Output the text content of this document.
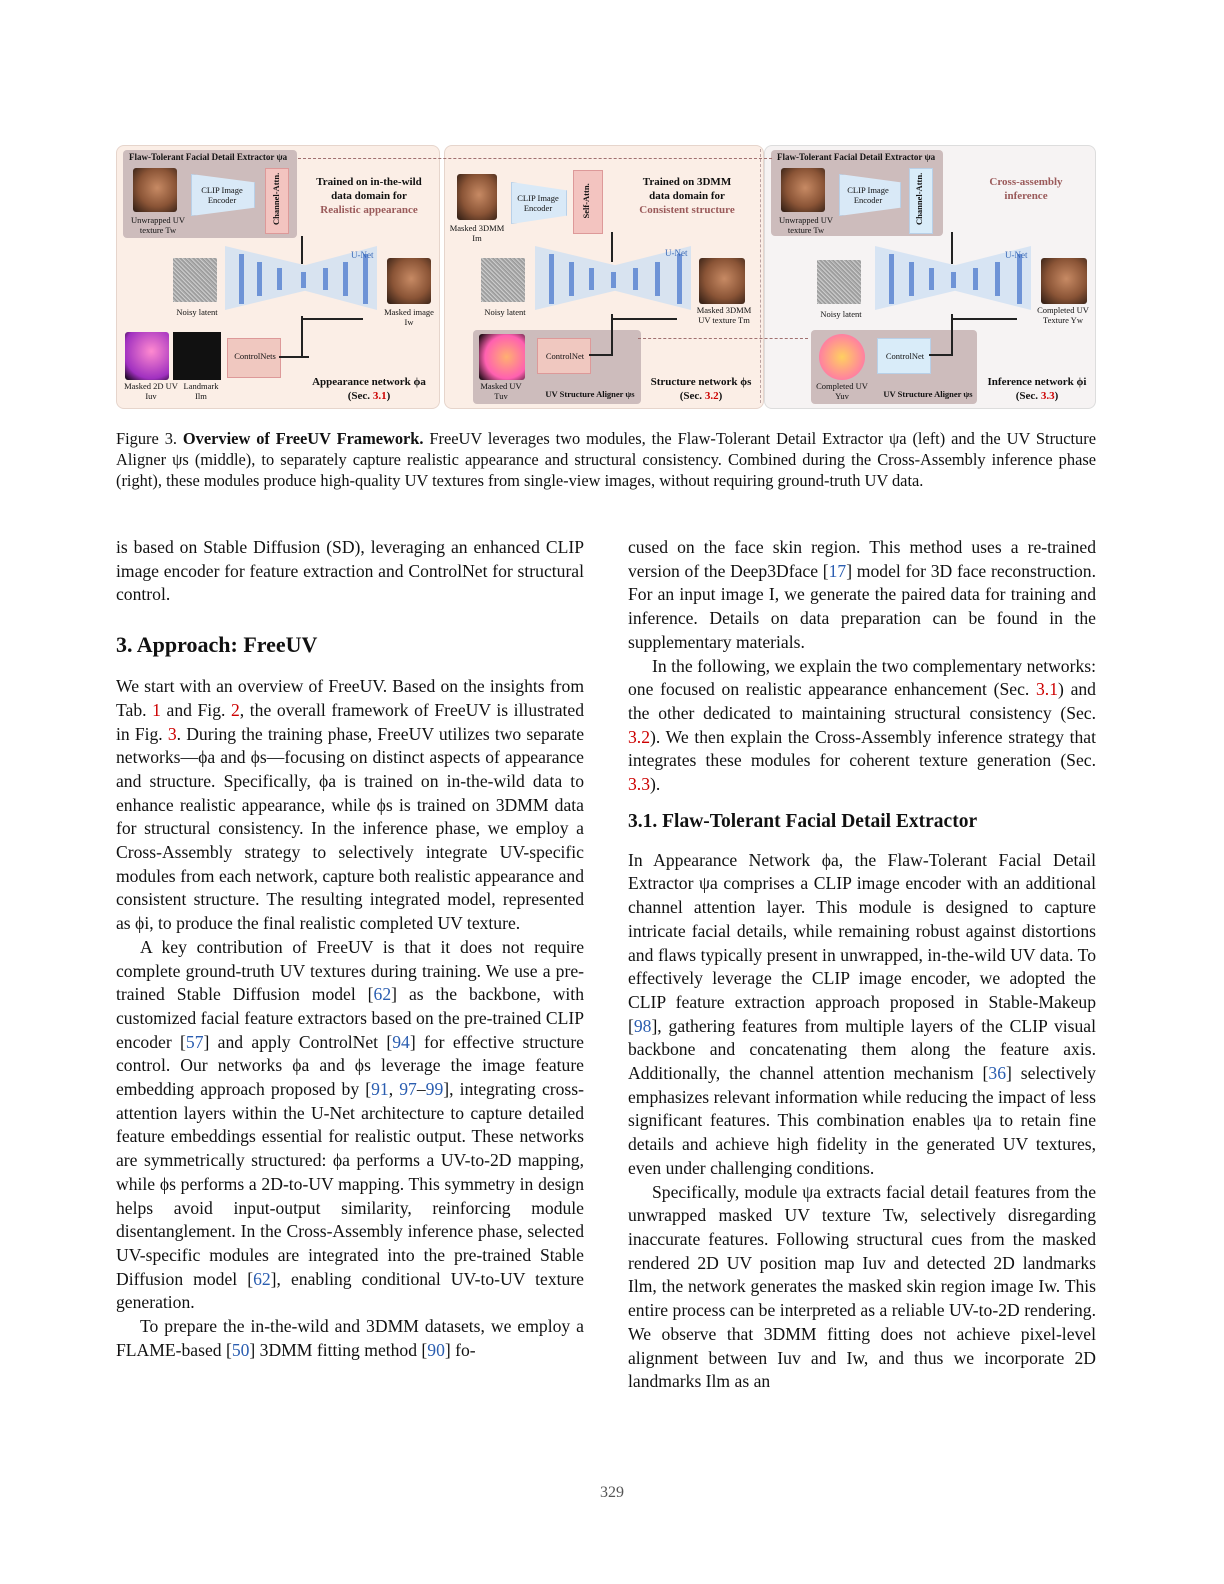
Flaw-Tolerant Facial Detail Extractor ψa
Unwrapped UV texture Tw
CLIP Image Encoder	Channel-Attn.	Trained on in-the-wild
data domain for
Realistic appearance
U-Net
Noisy latent	Masked image Iw
Masked 2D UV Iuv
Landmark Ilm
ControlNets
Appearance network ϕa
(Sec. 3.1)
Masked 3DMM Im
CLIP Image Encoder	Self-Attn.
Trained on 3DMM
data domain for
Consistent structure
U-Net
Noisy latent	Masked 3DMM UV texture Tm
Masked UV Tuv
ControlNet
UV Structure Aligner ψs
Structure network ϕs
(Sec. 3.2)
Flaw-Tolerant Facial Detail Extractor ψa
Unwrapped UV texture Tw
CLIP Image Encoder	Channel-Attn.	Cross-assembly
inference
U-Net
Noisy latent	Completed UV Texture Yw
Completed UV Yuv
ControlNet
UV Structure Aligner ψs
Inference network ϕi
(Sec. 3.3)
Figure 3. Overview of FreeUV Framework. FreeUV leverages two modules, the Flaw-Tolerant Detail Extractor ψa (left) and the UV Structure Aligner ψs (middle), to separately capture realistic appearance and structural consistency. Combined during the Cross-Assembly inference phase (right), these modules produce high-quality UV textures from single-view images, without requiring ground-truth UV data.

is based on Stable Diffusion (SD), leveraging an enhanced CLIP image encoder for feature extraction and ControlNet for structural control.

3. Approach: FreeUV

We start with an overview of FreeUV. Based on the insights from Tab. 1 and Fig. 2, the overall framework of FreeUV is illustrated in Fig. 3. During the training phase, FreeUV utilizes two separate networks—ϕa and ϕs—focusing on distinct aspects of appearance and structure. Specifically, ϕa is trained on in-the-wild data to enhance realistic appearance, while ϕs is trained on 3DMM data for structural consistency. In the inference phase, we employ a Cross-Assembly strategy to selectively integrate UV-specific modules from each network, capture both realistic appearance and consistent structure. The resulting integrated model, represented as ϕi, to produce the final realistic completed UV texture.

A key contribution of FreeUV is that it does not require complete ground-truth UV textures during training. We use a pre-trained Stable Diffusion model [62] as the backbone, with customized facial feature extractors based on the pre-trained CLIP encoder [57] and apply ControlNet [94] for effective structure control. Our networks ϕa and ϕs leverage the image feature embedding approach proposed by [91, 97–99], integrating cross-attention layers within the U-Net architecture to capture detailed feature embeddings essential for realistic output. These networks are symmetrically structured: ϕa performs a UV-to-2D mapping, while ϕs performs a 2D-to-UV mapping. This symmetry in design helps avoid input-output similarity, reinforcing module disentanglement. In the Cross-Assembly inference phase, selected UV-specific modules are integrated into the pre-trained Stable Diffusion model [62], enabling conditional UV-to-UV texture generation.

To prepare the in-the-wild and 3DMM datasets, we employ a FLAME-based [50] 3DMM fitting method [90] fo-

cused on the face skin region. This method uses a re-trained version of the Deep3Dface [17] model for 3D face reconstruction. For an input image I, we generate the paired data for training and inference. Details on data preparation can be found in the supplementary materials.

In the following, we explain the two complementary networks: one focused on realistic appearance enhancement (Sec. 3.1) and the other dedicated to maintaining structural consistency (Sec. 3.2). We then explain the Cross-Assembly inference strategy that integrates these modules for coherent texture generation (Sec. 3.3).

3.1. Flaw-Tolerant Facial Detail Extractor

In Appearance Network ϕa, the Flaw-Tolerant Facial Detail Extractor ψa comprises a CLIP image encoder with an additional channel attention layer. This module is designed to capture intricate facial details, while remaining robust against distortions and flaws typically present in unwrapped, in-the-wild UV data. To effectively leverage the CLIP image encoder, we adopted the CLIP feature extraction approach proposed in Stable-Makeup [98], gathering features from multiple layers of the CLIP visual backbone and concatenating them along the feature axis. Additionally, the channel attention mechanism [36] selectively emphasizes relevant information while reducing the impact of less significant features. This combination enables ψa to retain fine details and achieve high fidelity in the generated UV textures, even under challenging conditions.

Specifically, module ψa extracts facial detail features from the unwrapped masked UV texture Tw, selectively disregarding inaccurate features. Following structural cues from the masked rendered 2D UV position map Iuv and detected 2D landmarks Ilm, the network generates the masked skin region image Iw. This entire process can be interpreted as a reliable UV-to-2D rendering. We observe that 3DMM fitting does not achieve pixel-level alignment between Iuv and Iw, and thus we incorporate 2D landmarks Ilm as an

329
